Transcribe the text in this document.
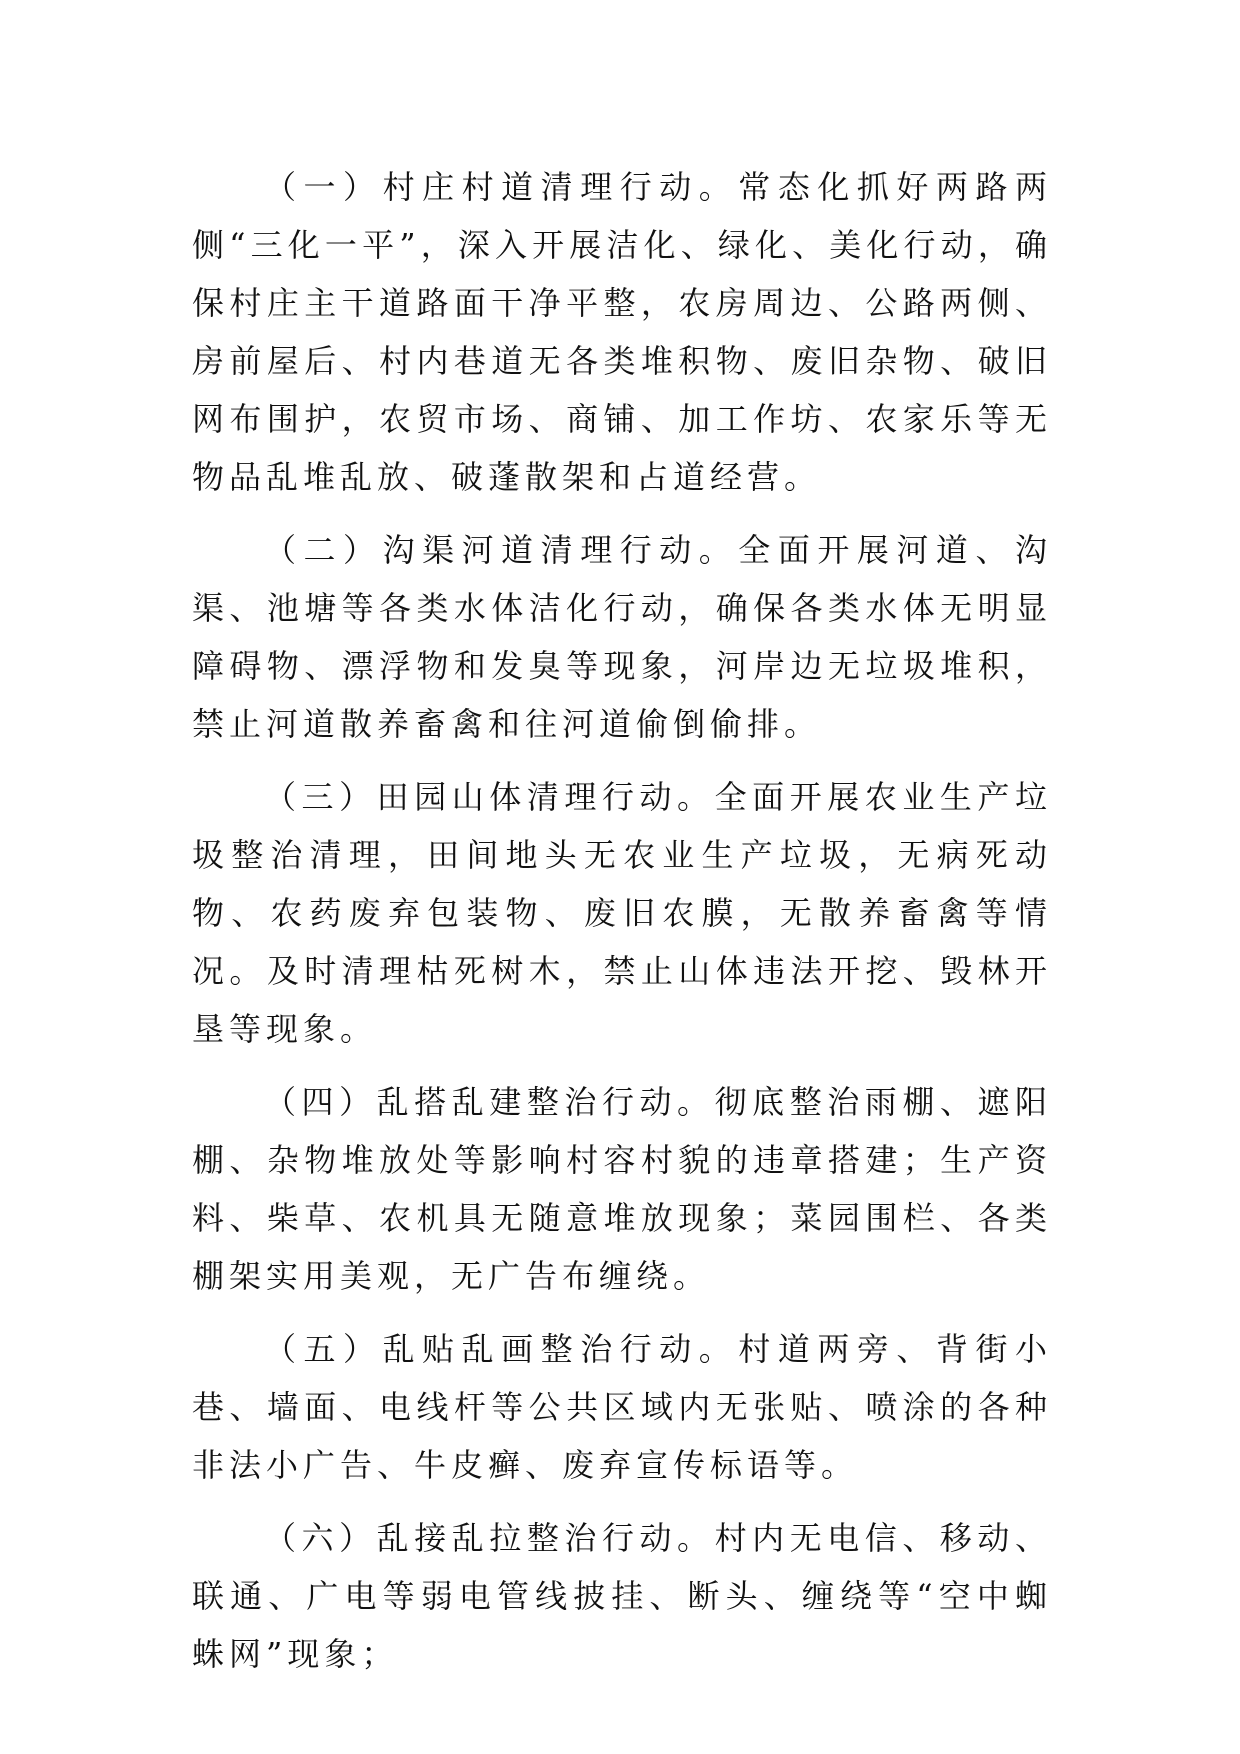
（一）村庄村道清理行动。常态化抓好两路两侧“三化一平”，深入开展洁化、绿化、美化行动，确保村庄主干道路面干净平整，农房周边、公路两侧、房前屋后、村内巷道无各类堆积物、废旧杂物、破旧网布围护，农贸市场、商铺、加工作坊、农家乐等无物品乱堆乱放、破蓬散架和占道经营。

（二）沟渠河道清理行动。全面开展河道、沟渠、池塘等各类水体洁化行动，确保各类水体无明显障碍物、漂浮物和发臭等现象，河岸边无垃圾堆积，禁止河道散养畜禽和往河道偷倒偷排。

（三）田园山体清理行动。全面开展农业生产垃圾整治清理，田间地头无农业生产垃圾，无病死动物、农药废弃包装物、废旧农膜，无散养畜禽等情况。及时清理枯死树木，禁止山体违法开挖、毁林开垦等现象。

（四）乱搭乱建整治行动。彻底整治雨棚、遮阳棚、杂物堆放处等影响村容村貌的违章搭建；生产资料、柴草、农机具无随意堆放现象；菜园围栏、各类棚架实用美观，无广告布缠绕。

（五）乱贴乱画整治行动。村道两旁、背街小巷、墙面、电线杆等公共区域内无张贴、喷涂的各种非法小广告、牛皮癣、废弃宣传标语等。

（六）乱接乱拉整治行动。村内无电信、移动、联通、广电等弱电管线披挂、断头、缠绕等“空中蜘蛛网”现象；
